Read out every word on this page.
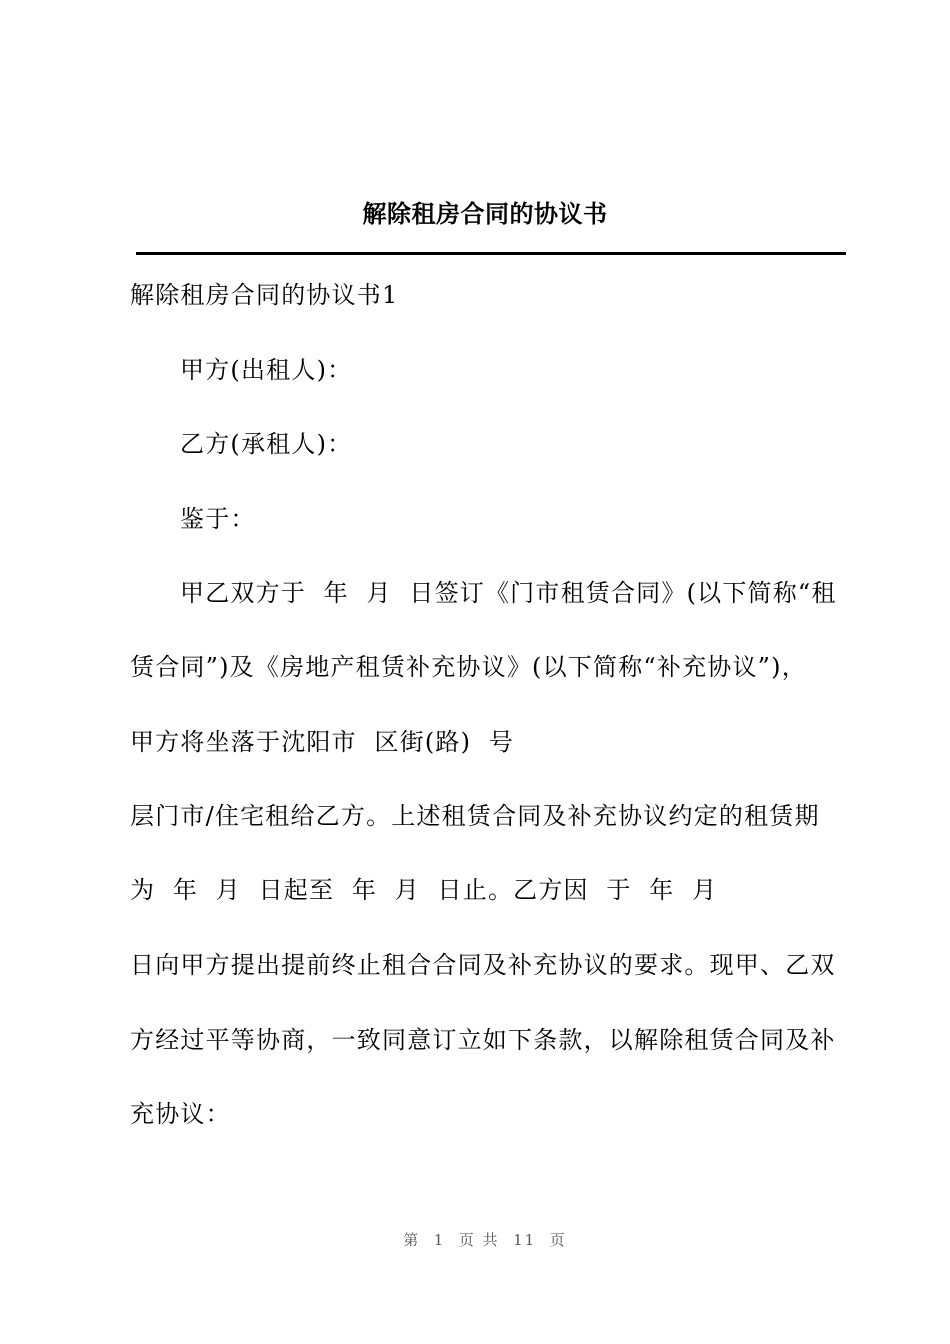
解除租房合同的协议书
解除租房合同的协议书1
甲方(出租人)：
乙方(承租人)：
鉴于：
甲乙双方于  年  月  日签订《门市租赁合同》(以下简称“租
赁合同”)及《房地产租赁补充协议》(以下简称“补充协议”)，
甲方将坐落于沈阳市  区街(路)  号
层门市/住宅租给乙方。上述租赁合同及补充协议约定的租赁期
为  年  月  日起至  年  月  日止。乙方因  于  年  月
日向甲方提出提前终止租合合同及补充协议的要求。现甲、乙双
方经过平等协商，一致同意订立如下条款，以解除租赁合同及补
充协议：
第  1  页 共  11  页
